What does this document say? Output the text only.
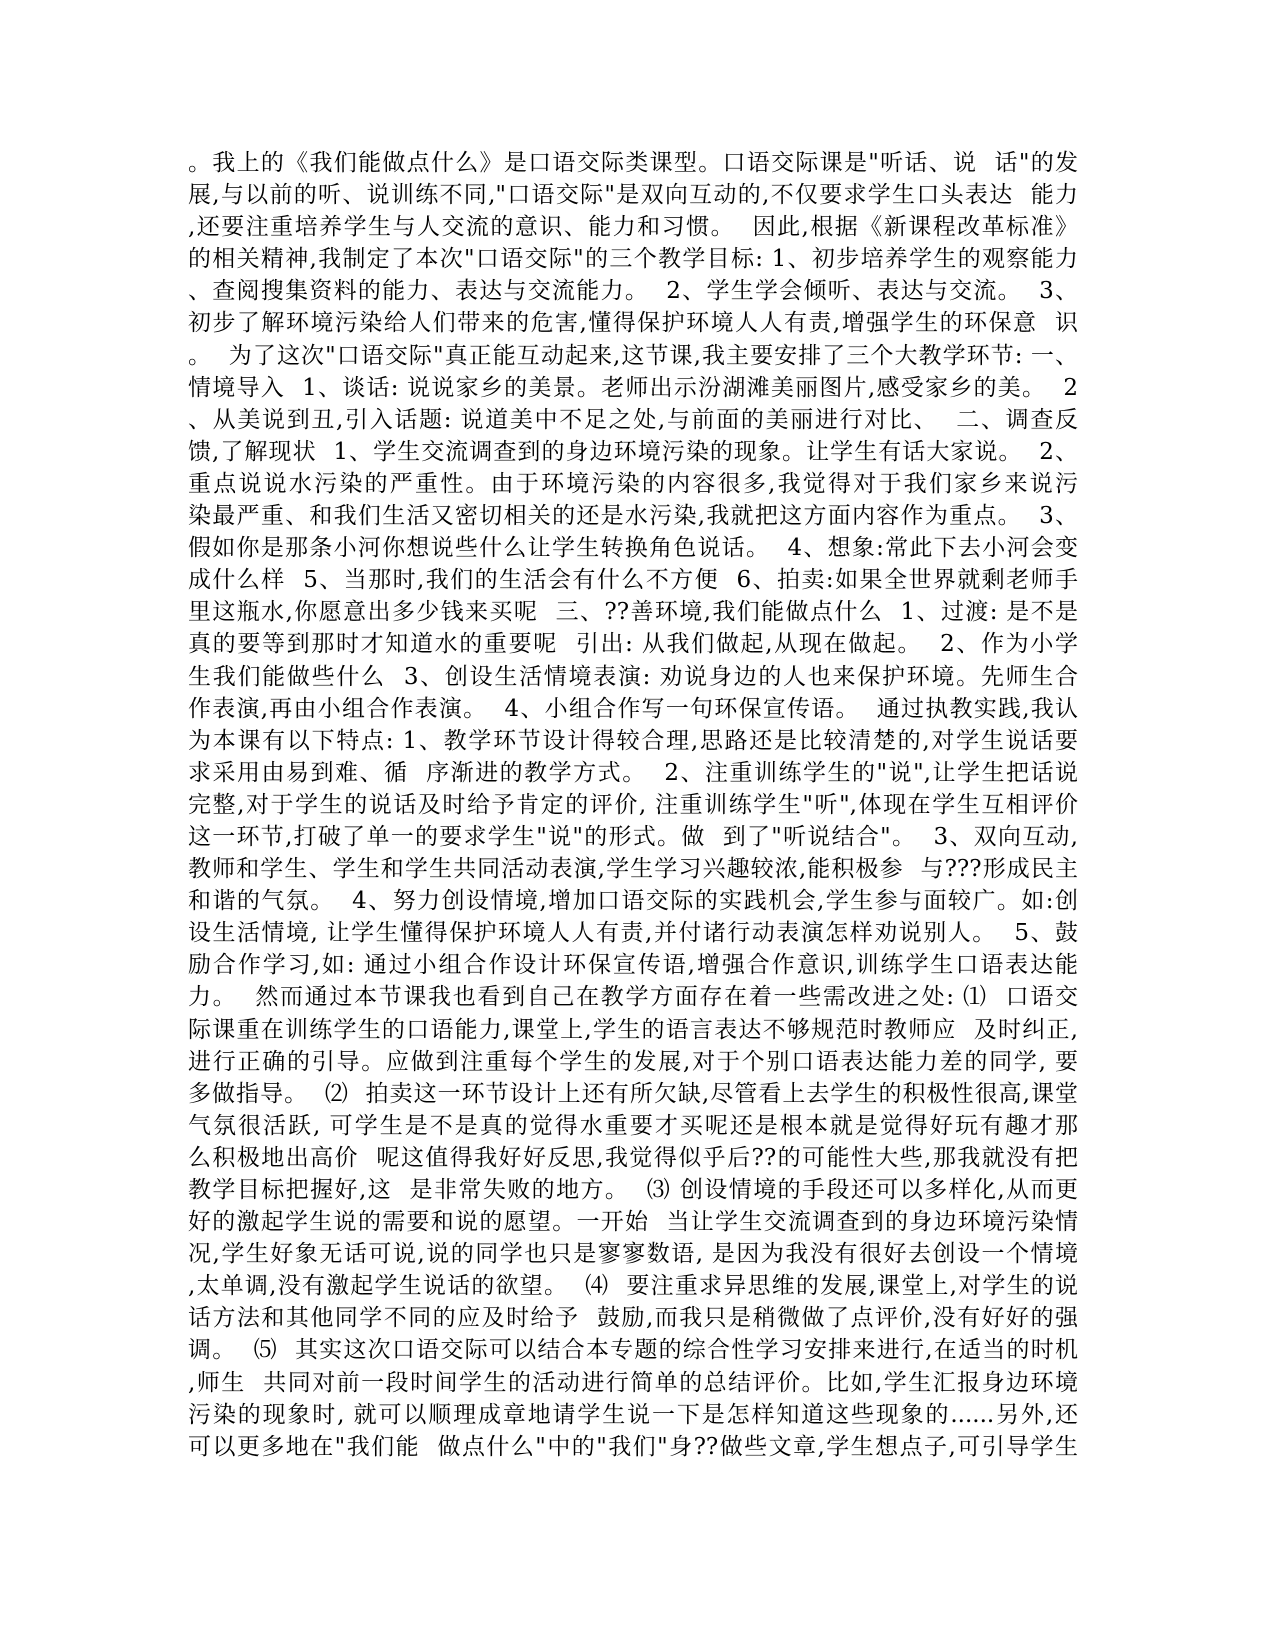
。我上的《我们能做点什么》是口语交际类课型。口语交际课是"听话、说  话"的发
展,与以前的听、说训练不同,"口语交际"是双向互动的,不仅要求学生口头表达  能力
,还要注重培养学生与人交流的意识、能力和习惯。  因此,根据《新课程改革标准》
的相关精神,我制定了本次"口语交际"的三个教学目标: 1、初步培养学生的观察能力
、查阅搜集资料的能力、表达与交流能力。  2、学生学会倾听、表达与交流。  3、
初步了解环境污染给人们带来的危害,懂得保护环境人人有责,增强学生的环保意  识
。  为了这次"口语交际"真正能互动起来,这节课,我主要安排了三个大教学环节: 一、
情境导入  1、谈话: 说说家乡的美景。老师出示汾湖滩美丽图片,感受家乡的美。  2
、从美说到丑,引入话题: 说道美中不足之处,与前面的美丽进行对比、  二、调查反
馈,了解现状  1、学生交流调查到的身边环境污染的现象。让学生有话大家说。  2、
重点说说水污染的严重性。由于环境污染的内容很多,我觉得对于我们家乡来说污
染最严重、和我们生活又密切相关的还是水污染,我就把这方面内容作为重点。  3、
假如你是那条小河你想说些什么让学生转换角色说话。  4、想象:常此下去小河会变
成什么样  5、当那时,我们的生活会有什么不方便  6、拍卖:如果全世界就剩老师手
里这瓶水,你愿意出多少钱来买呢  三、??善环境,我们能做点什么  1、过渡: 是不是
真的要等到那时才知道水的重要呢  引出: 从我们做起,从现在做起。  2、作为小学
生我们能做些什么  3、创设生活情境表演: 劝说身边的人也来保护环境。先师生合
作表演,再由小组合作表演。  4、小组合作写一句环保宣传语。  通过执教实践,我认
为本课有以下特点: 1、教学环节设计得较合理,思路还是比较清楚的,对学生说话要
求采用由易到难、循  序渐进的教学方式。  2、注重训练学生的"说",让学生把话说
完整,对于学生的说话及时给予肯定的评价, 注重训练学生"听",体现在学生互相评价
这一环节,打破了单一的要求学生"说"的形式。做  到了"听说结合"。  3、双向互动,
教师和学生、学生和学生共同活动表演,学生学习兴趣较浓,能积极参  与???形成民主
和谐的气氛。  4、努力创设情境,增加口语交际的实践机会,学生参与面较广。如:创
设生活情境, 让学生懂得保护环境人人有责,并付诸行动表演怎样劝说别人。  5、鼓
励合作学习,如: 通过小组合作设计环保宣传语,增强合作意识,训练学生口语表达能
力。  然而通过本节课我也看到自己在教学方面存在着一些需改进之处: ⑴  口语交
际课重在训练学生的口语能力,课堂上,学生的语言表达不够规范时教师应  及时纠正,
进行正确的引导。应做到注重每个学生的发展,对于个别口语表达能力差的同学, 要
多做指导。  ⑵  拍卖这一环节设计上还有所欠缺,尽管看上去学生的积极性很高,课堂
气氛很活跃, 可学生是不是真的觉得水重要才买呢还是根本就是觉得好玩有趣才那
么积极地出高价  呢这值得我好好反思,我觉得似乎后??的可能性大些,那我就没有把
教学目标把握好,这  是非常失败的地方。  ⑶ 创设情境的手段还可以多样化,从而更
好的激起学生说的需要和说的愿望。一开始  当让学生交流调查到的身边环境污染情
况,学生好象无话可说,说的同学也只是寥寥数语, 是因为我没有很好去创设一个情境
,太单调,没有激起学生说话的欲望。  ⑷  要注重求异思维的发展,课堂上,对学生的说
话方法和其他同学不同的应及时给予  鼓励,而我只是稍微做了点评价,没有好好的强
调。  ⑸  其实这次口语交际可以结合本专题的综合性学习安排来进行,在适当的时机
,师生  共同对前一段时间学生的活动进行简单的总结评价。比如,学生汇报身边环境
污染的现象时, 就可以顺理成章地请学生说一下是怎样知道这些现象的......另外,还
可以更多地在"我们能  做点什么"中的"我们"身??做些文章,学生想点子,可引导学生
